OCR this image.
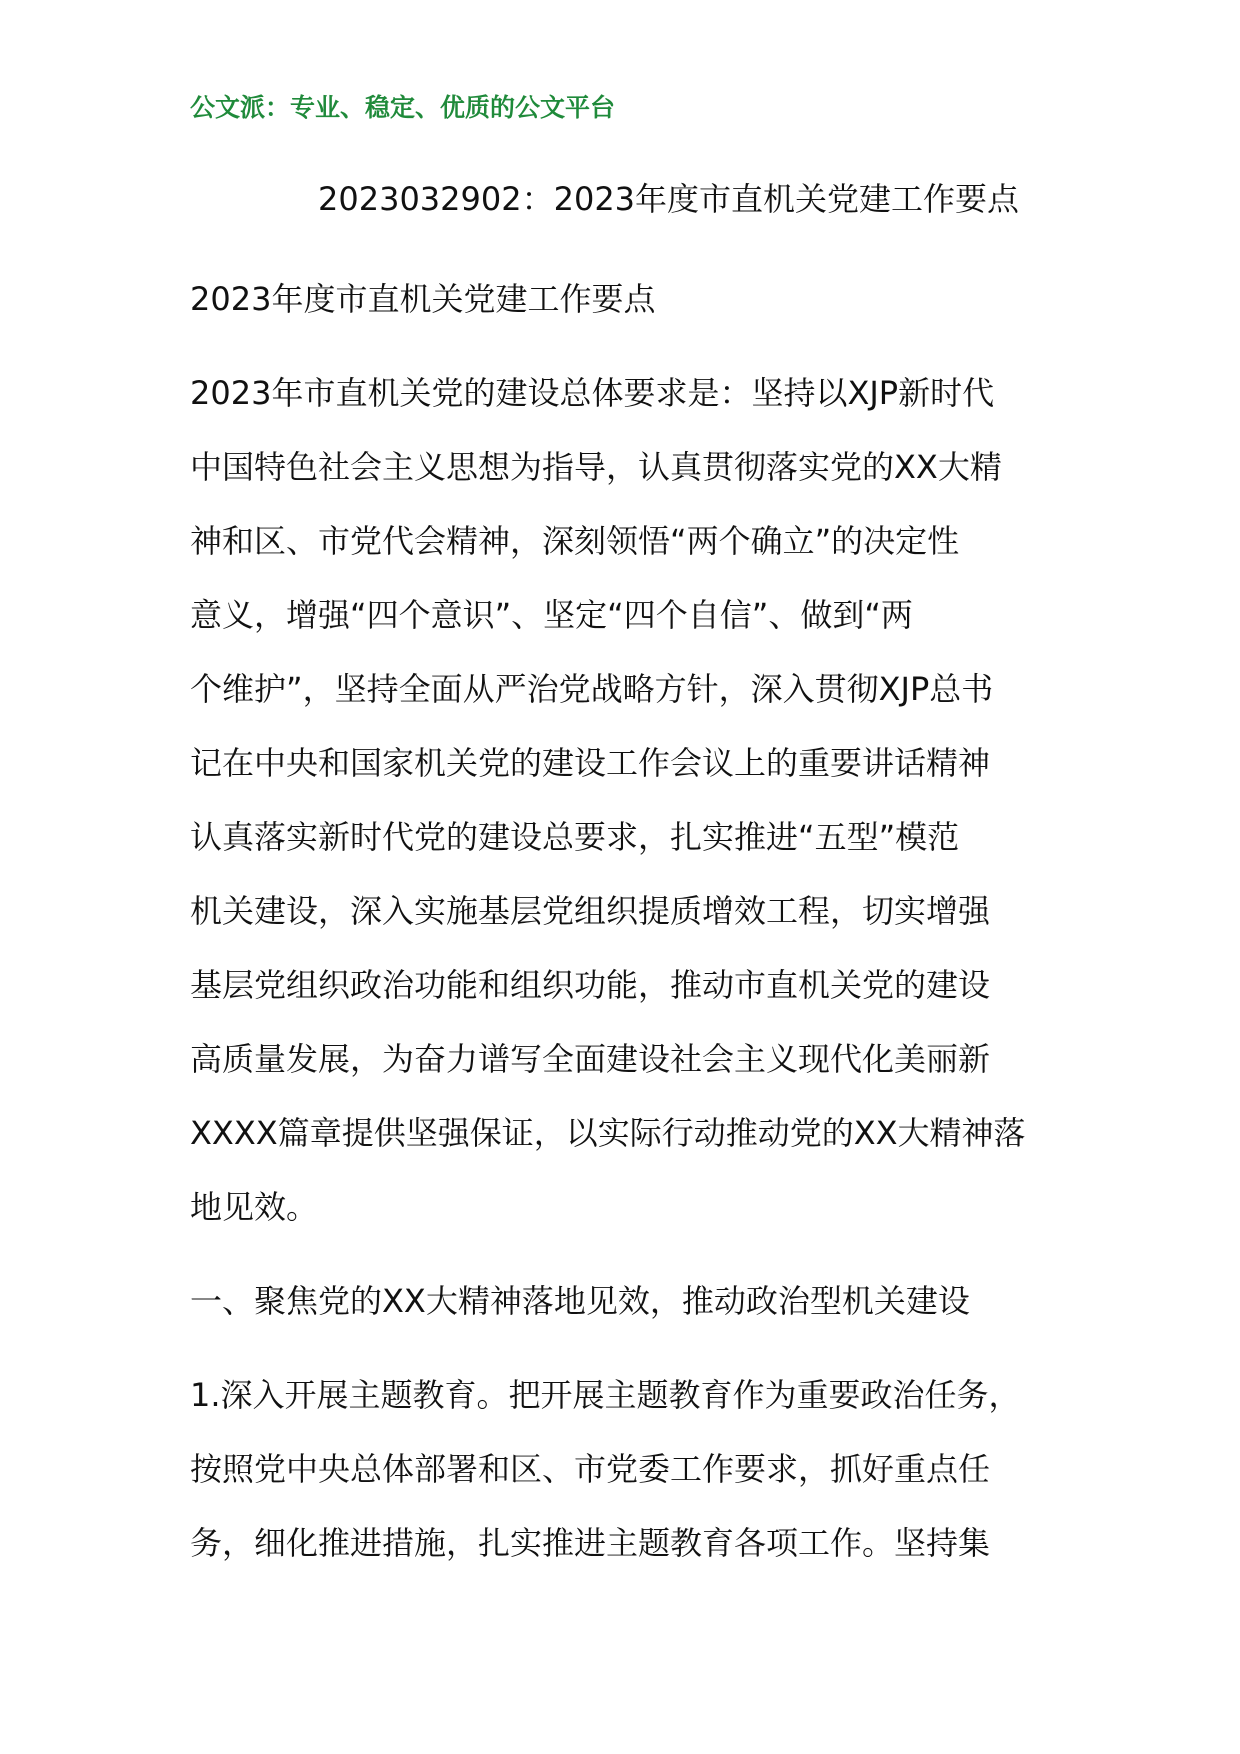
公文派：专业、稳定、优质的公文平台
2023032902：2023年度市直机关党建工作要点
2023年度市直机关党建工作要点
2023年市直机关党的建设总体要求是：坚持以XJP新时代
中国特色社会主义思想为指导，认真贯彻落实党的XX大精
神和区、市党代会精神，深刻领悟“两个确立”的决定性
意义，增强“四个意识”、坚定“四个自信”、做到“两
个维护”，坚持全面从严治党战略方针，深入贯彻XJP总书
记在中央和国家机关党的建设工作会议上的重要讲话精神
认真落实新时代党的建设总要求，扎实推进“五型”模范
机关建设，深入实施基层党组织提质增效工程，切实增强
基层党组织政治功能和组织功能，推动市直机关党的建设
高质量发展，为奋力谱写全面建设社会主义现代化美丽新
XXXX篇章提供坚强保证，以实际行动推动党的XX大精神落
地见效。
一、聚焦党的XX大精神落地见效，推动政治型机关建设
1.深入开展主题教育。把开展主题教育作为重要政治任务，
按照党中央总体部署和区、市党委工作要求，抓好重点任
务，细化推进措施，扎实推进主题教育各项工作。坚持集
